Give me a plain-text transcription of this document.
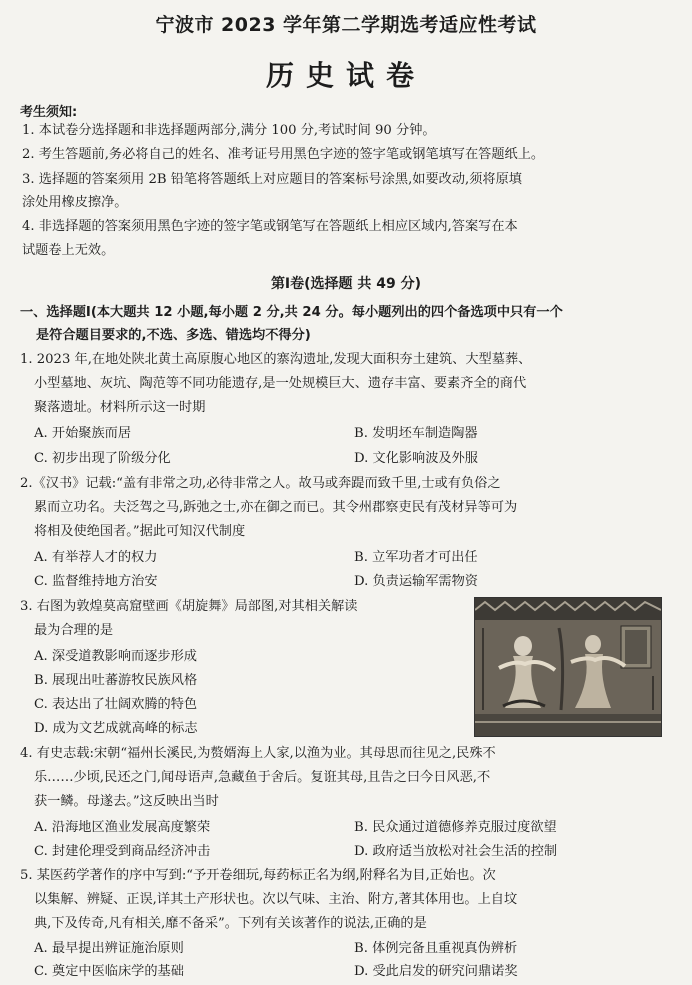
宁波市 2023 学年第二学期选考适应性考试
历史试卷
考生须知:
1. 本试卷分选择题和非选择题两部分,满分 100 分,考试时间 90 分钟。
2. 考生答题前,务必将自己的姓名、准考证号用黑色字迹的签字笔或钢笔填写在答题纸上。
3. 选择题的答案须用 2B 铅笔将答题纸上对应题目的答案标号涂黑,如要改动,须将原填
涂处用橡皮擦净。
4. 非选择题的答案须用黑色字迹的签字笔或钢笔写在答题纸上相应区域内,答案写在本
试题卷上无效。
第Ⅰ卷(选择题 共 49 分)
一、选择题Ⅰ(本大题共 12 小题,每小题 2 分,共 24 分。每小题列出的四个备选项中只有一个
是符合题目要求的,不选、多选、错选均不得分)
1. 2023 年,在地处陕北黄土高原腹心地区的寨沟遗址,发现大面积夯土建筑、大型墓葬、
小型墓地、灰坑、陶范等不同功能遗存,是一处规模巨大、遗存丰富、要素齐全的商代
聚落遗址。材料所示这一时期
A. 开始聚族而居	B. 发明坯车制造陶器
C. 初步出现了阶级分化	D. 文化影响波及外服
2.《汉书》记载:“盖有非常之功,必待非常之人。故马或奔踶而致千里,士或有负俗之
累而立功名。夫泛驾之马,跅弛之士,亦在御之而已。其令州郡察吏民有茂材异等可为
将相及使绝国者。”据此可知汉代制度
A. 有举荐人才的权力	B. 立军功者才可出任
C. 监督维持地方治安	D. 负责运输军需物资
3. 右图为敦煌莫高窟壁画《胡旋舞》局部图,对其相关解读
最为合理的是
A. 深受道教影响而逐步形成
B. 展现出吐蕃游牧民族风格
C. 表达出了壮阔欢腾的特色
D. 成为文艺成就高峰的标志
4. 有史志载:宋朝“福州长溪民,为赘婿海上人家,以渔为业。其母思而往见之,民殊不
乐……少顷,民还之门,闻母语声,急藏鱼于舍后。复诳其母,且告之曰今日风恶,不
获一鳞。母遂去。”这反映出当时
A. 沿海地区渔业发展高度繁荣	B. 民众通过道德修养克服过度欲望
C. 封建伦理受到商品经济冲击	D. 政府适当放松对社会生活的控制
5. 某医药学著作的序中写到:“予开卷细玩,每药标正名为纲,附释名为目,正始也。次
以集解、辨疑、正误,详其土产形状也。次以气味、主治、附方,著其体用也。上自坟
典,下及传奇,凡有相关,靡不备采”。下列有关该著作的说法,正确的是
A. 最早提出辨证施治原则	B. 体例完备且重视真伪辨析
C. 奠定中医临床学的基础	D. 受此启发的研究问鼎诺奖
